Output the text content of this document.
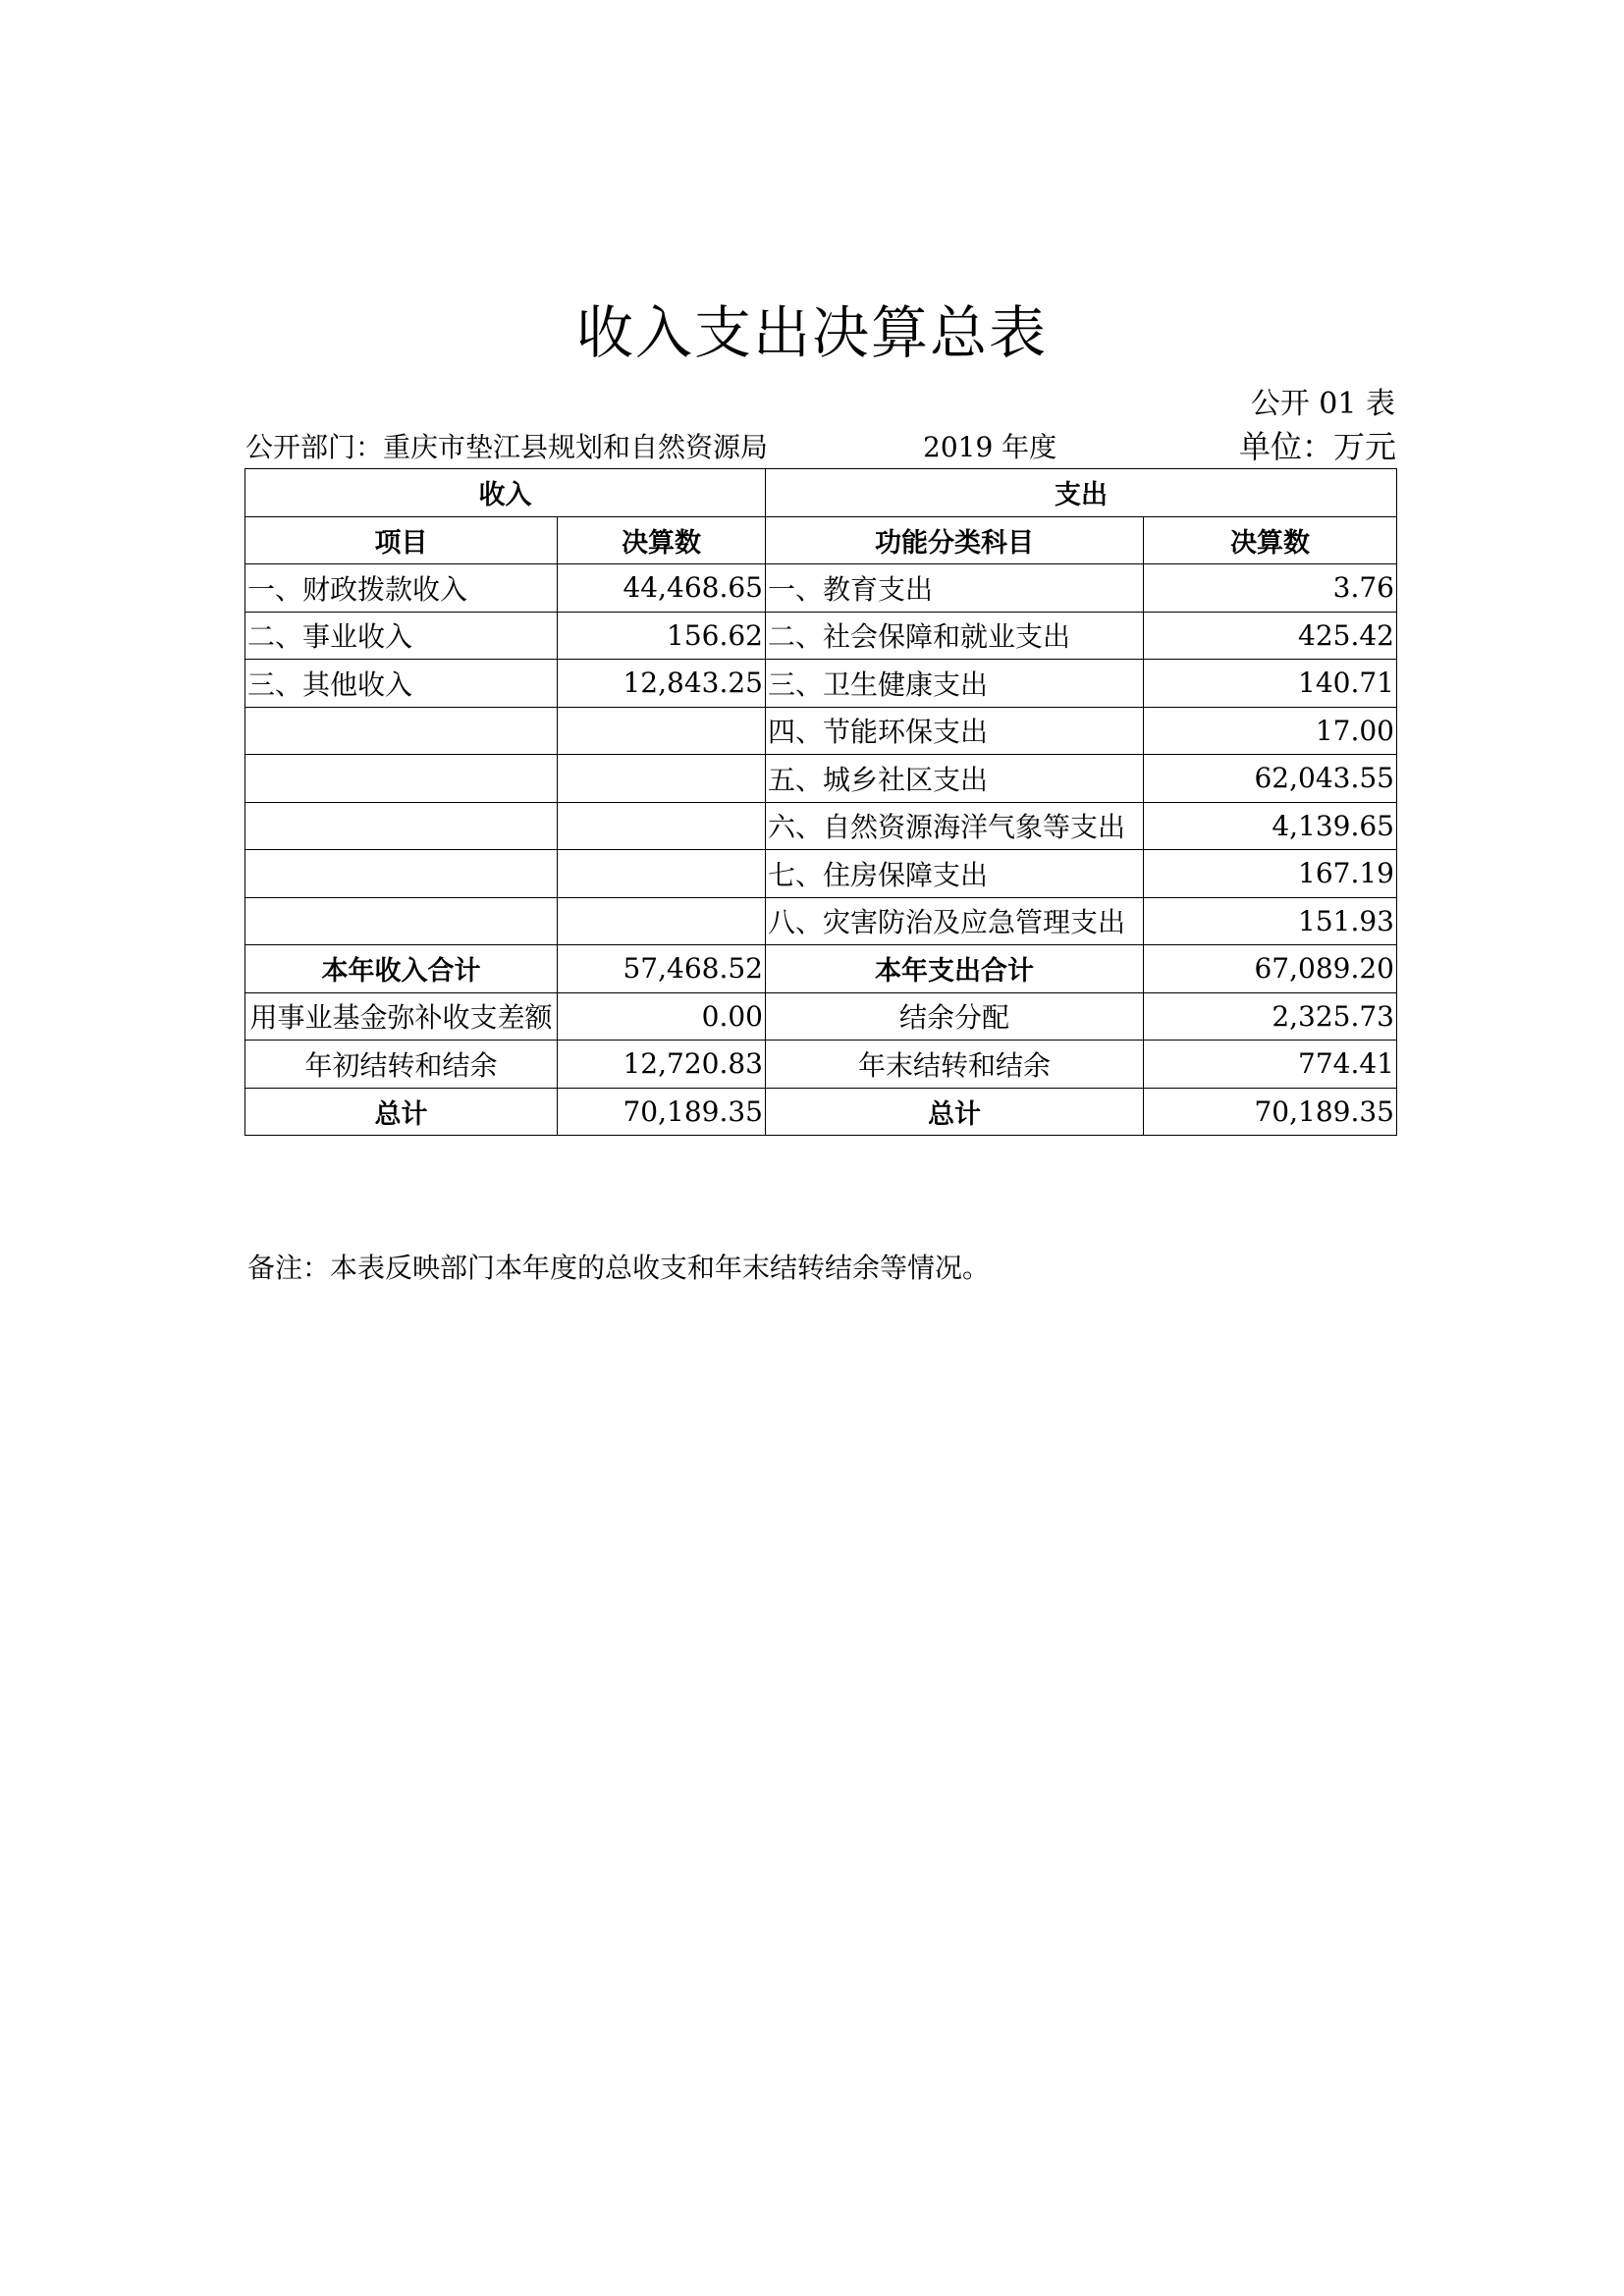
收入支出决算总表
公开 01 表
公开部门：重庆市垫江县规划和自然资源局	2019 年度	单位：万元
收入		支出	
项目	决算数	功能分类科目	决算数
一、财政拨款收入	44,468.65	一、教育支出	3.76
二、事业收入	156.62	二、社会保障和就业支出	425.42
三、其他收入	12,843.25	三、卫生健康支出	140.71
		四、节能环保支出	17.00
		五、城乡社区支出	62,043.55
		六、自然资源海洋气象等支出	4,139.65
		七、住房保障支出	167.19
		八、灾害防治及应急管理支出	151.93
本年收入合计	57,468.52	本年支出合计	67,089.20
用事业基金弥补收支差额	0.00	结余分配	2,325.73
年初结转和结余	12,720.83	年末结转和结余	774.41
总计	70,189.35	总计	70,189.35
备注：本表反映部门本年度的总收支和年末结转结余等情况。
